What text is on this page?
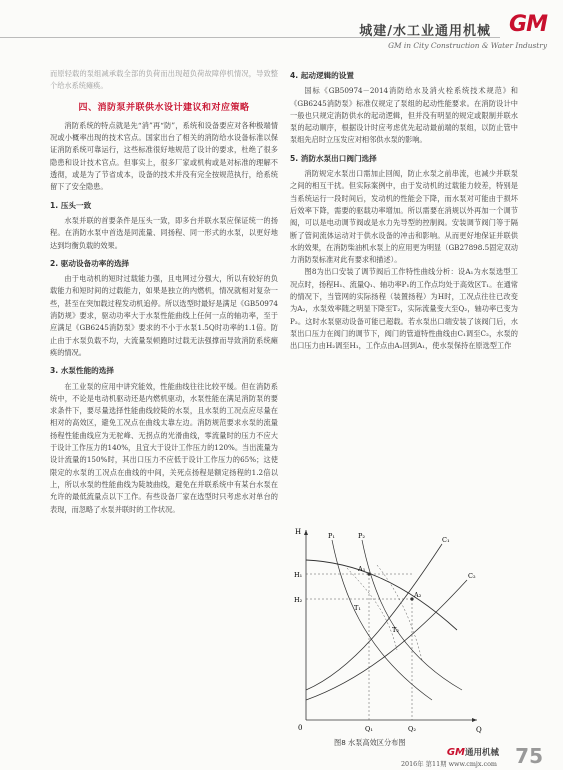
城建/水工业通用机械 GM
GM in City Construction & Water Industry

而原轻载的泵组减承载全部的负荷而出现超负荷故障停机情况，导致整个给水系统瘫痪。

四、消防泵并联供水设计建议和对应策略

消防系统的特点就是先“消”再“防”，系统和设备要应对各种极端情况或小概率出现的技术官点。国家出台了相关的消防给水设备标准以保证消防系统可靠运行，这些标准很好地规范了设计的要求，杜绝了很多隐患和设计技术官点。但事实上，很多厂家或机构或是对标准的理解不透彻，或是为了节省成本，设备的技术并没有完全按规范执行，给系统留下了安全隐患。

1. 压头一致

水泵并联的首要条件是压头一致，即多台并联水泵应保证统一的扬程。在消防水泵中首选是同流量、同扬程、同一形式的水泵，以更好地达到均衡负载的效果。

2. 驱动设备功率的选择

由于电动机的短时过载能力强，且电网过分强大，所以有较好的负载能力和短时间的过载能力，如果是独立的内燃机，情况就相对复杂一些，甚至在突加载过程发动机追停。所以选型时最好是满足《GB50974消防规》要求，驱动功率大于水泵性能曲线上任何一点的轴功率，至于应满足《GB6245消防泵》要求的不小于水泵1.5Q时功率的1.1倍。防止由于水泵负载不均，大流量泵顿跑时过载无法强撑而导致消防系统瘫痪的情况。

3. 水泵性能的选择

在工业泵的应用中讲究能效，性能曲线往往比较平缓。但在消防系统中，不论是电动机驱动还是内燃机驱动，水泵性能在满足消防泵的要求条件下，要尽量选择性能曲线较陡的水泵，且水泵的工况点应尽量在相对的高效区，避免工况点在曲线太靠左边。消防规范要求水泵的流量扬程性能曲线应为无驼峰、无拐点的光滑曲线，零流量时的压力不应大于设计工作压力的140%，且宜大于设计工作压力的120%。当出流量为设计流量的150%时，其出口压力不应低于设计工作压力的65%；这使限定的水泵的工况点在曲线的中间，关死点扬程是额定扬程的1.2倍以上，所以水泵的性能曲线为陡坡曲线，避免在并联系统中有某台水泵在允许的最低流量点以下工作。有些设备厂家在选型时只考虑水对单台的表现，而忽略了水泵并联时的工作状况。

4. 起动逻辑的设置

国标《GB50974－2014消防给水及消火栓系统技术规范》和《GB6245消防泵》标准仅规定了泵组的起动性能要求。在消防设计中一般也只规定消防供水的起动逻辑，但并没有明显的规定或限制并联水泵的起动顺序，根据设计时应考虑优先起动最前端的泵组，以防止管中泵组先启时立压发应对相邻供水泵的影响。

5. 消防水泵出口阀门选择

消防规定水泵出口需加止回阀，防止水泵之前串流，也减少并联泵之间的相互干扰。但实际案例中，由于发动机的过载能力较差，特别是当系统运行一段时间后，发动机的性能会下降，而水泵对可能由于损坏后效率下降，需要的驱载功率增加。所以需要在消规以外再加一个调节阀，可以是电动调节阀或是水力先导型的控制阀。安装调节阀门等于隔断了管间流体运动对于供水设备的冲击和影响。从而更好地保证并联供水的效果，在消防柴油机水泵上的应用更为明显（GB27898.5固定双动力消防泵标准对此有要求和描述）。

图8为出口安装了调节阀后工作特性曲线分析：设A₁为水泵选型工况点时，扬程H₁、流量Q₁、轴功率P₁的工作点均处于高效区T₁。在通常的情况下，当管网的实际扬程（装置扬程）为H时，工况点往往已改变为A₂，水泵效率随之明显下降至T₂，实际流量变大至Q₂，轴功率已变为P₂。这时水泵驱动设备可能已超载。若水泵出口端安装了该阀门后，水泵出口压力在阀门的调节下，阀门的管道特性曲线由C₁调至C₂，水泵的出口压力由H₂调至H₁，工作点由A₂回到A₁，使水泵保持在原选型工作

H
Q
0
P₁	P₂	C₁
C₂
H₁
H₂
A₁
A₂
T₁
T₂
Q₁	Q₂
图8 水泵高效区分布图
GM通用机械
2016年 第11期 www.cmjx.com 75
